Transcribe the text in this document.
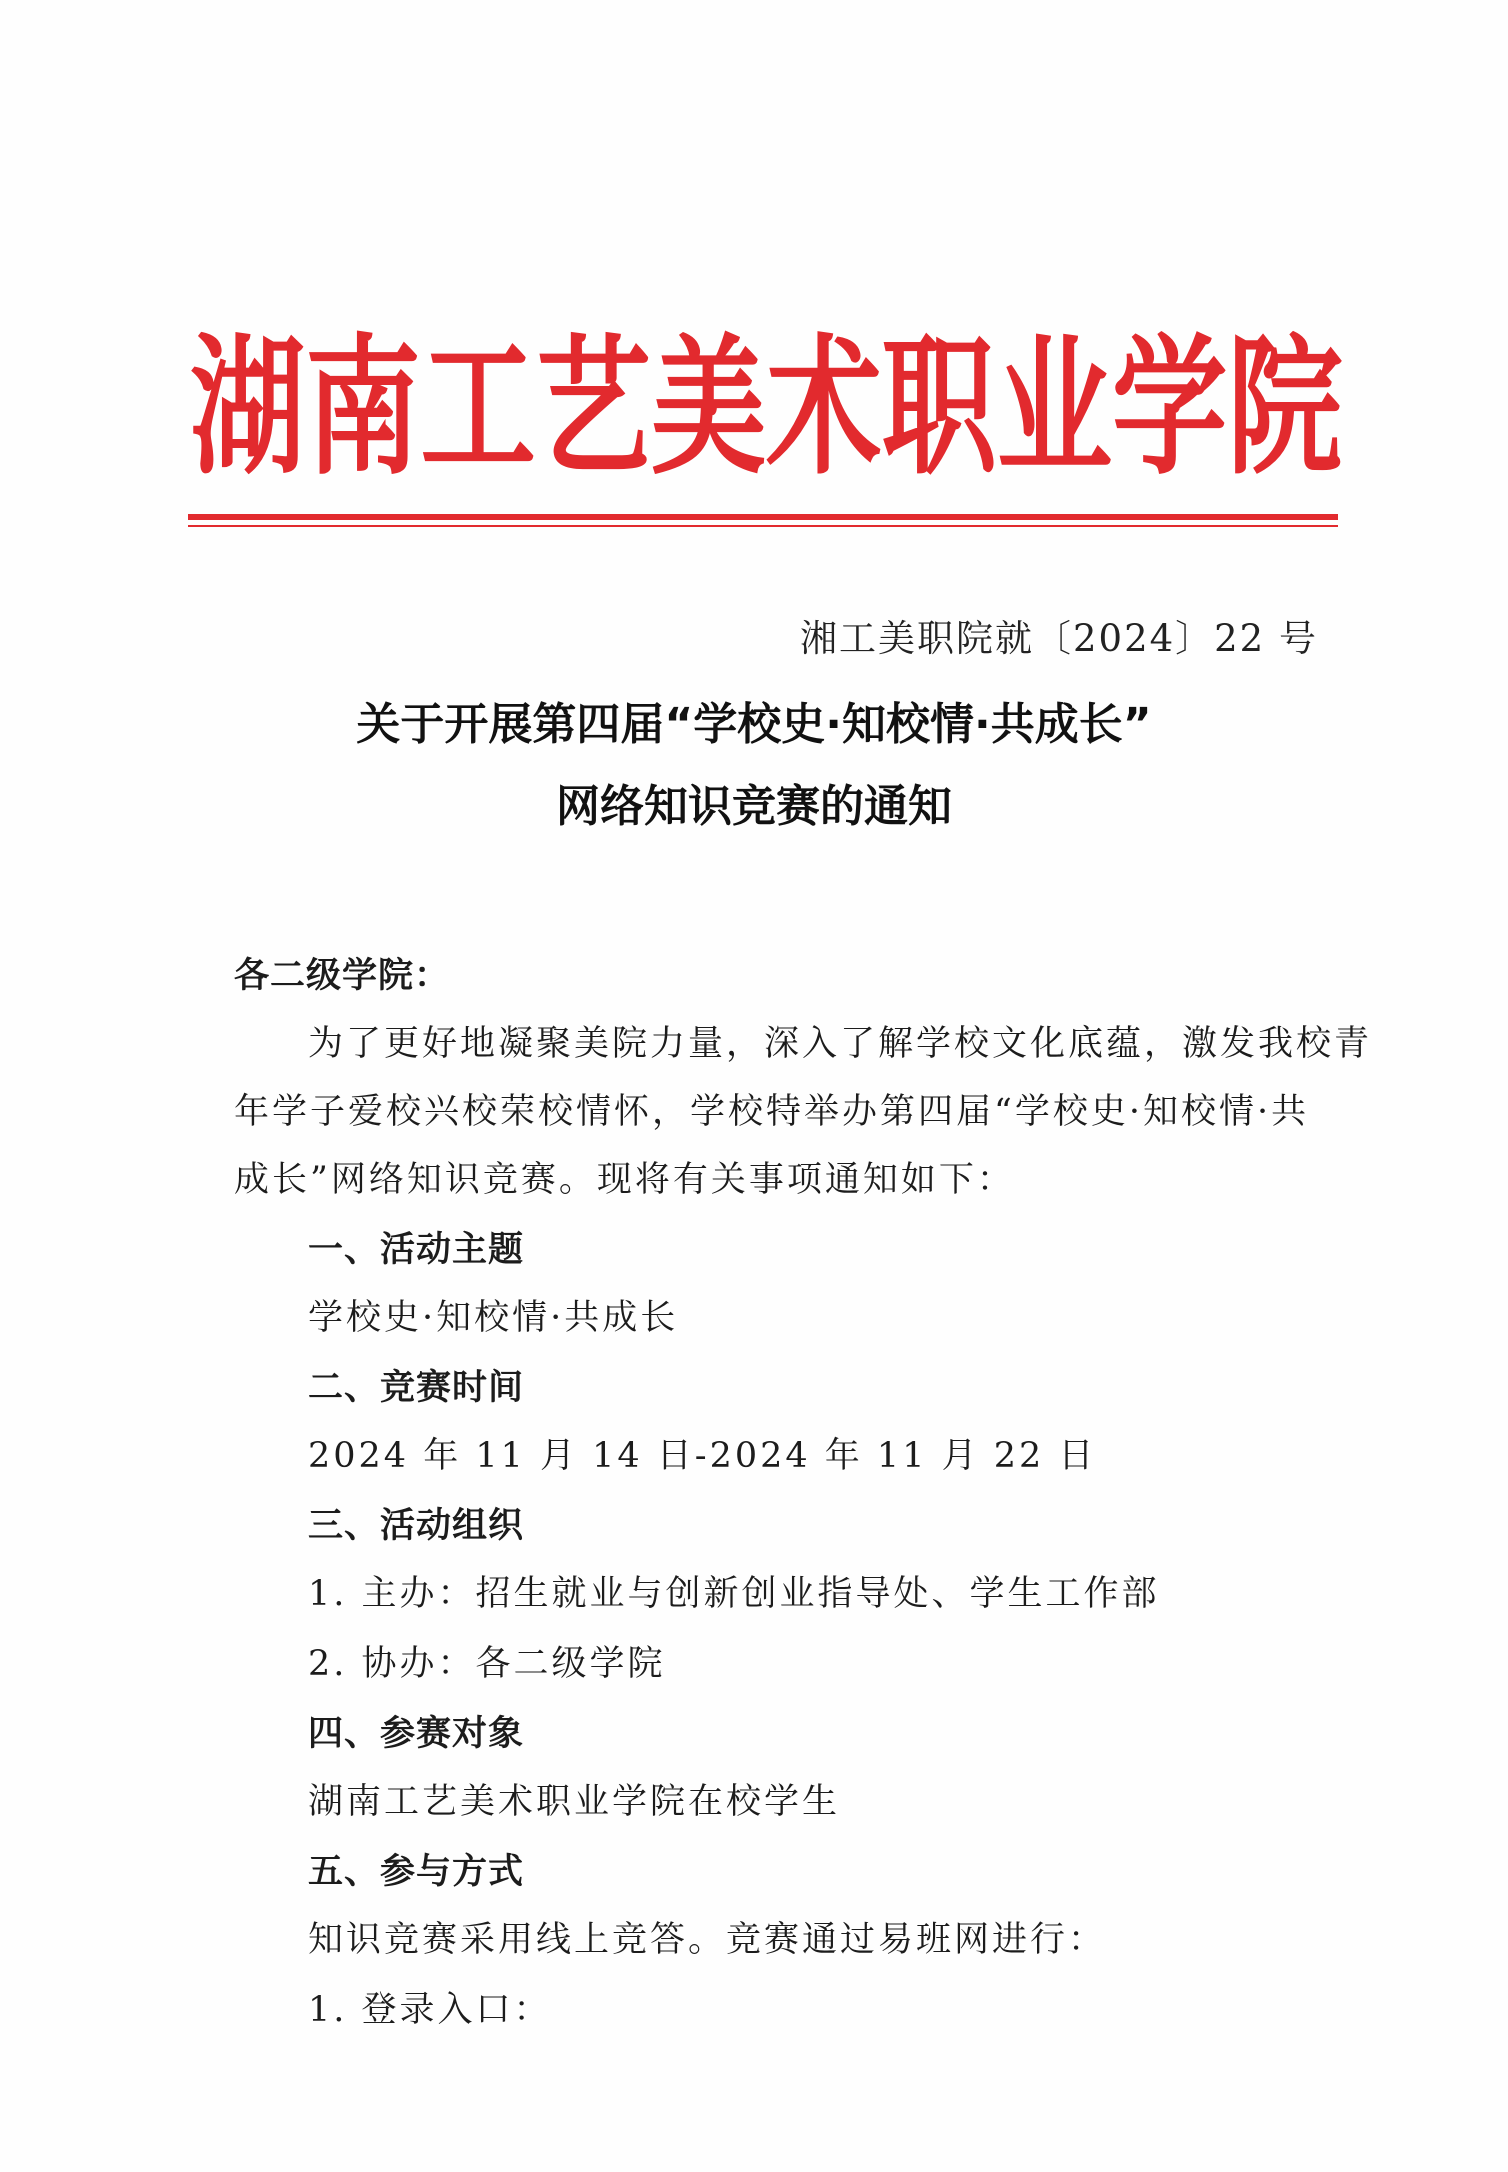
湖 南 工 艺 美 术 职 业 学 院
湘工美职院就〔2024〕22 号
关于开展第四届“学校史·知校情·共成长”
网络知识竞赛的通知
各二级学院：
为了更好地凝聚美院力量，深入了解学校文化底蕴，激发我校青
年学子爱校兴校荣校情怀，学校特举办第四届“学校史·知校情·共
成长”网络知识竞赛。现将有关事项通知如下：
一、活动主题
学校史·知校情·共成长
二、竞赛时间
2024 年 11 月 14 日-2024 年 11 月 22 日
三、活动组织
1. 主办：招生就业与创新创业指导处、学生工作部
2. 协办：各二级学院
四、参赛对象
湖南工艺美术职业学院在校学生
五、参与方式
知识竞赛采用线上竞答。竞赛通过易班网进行：
1. 登录入口：
